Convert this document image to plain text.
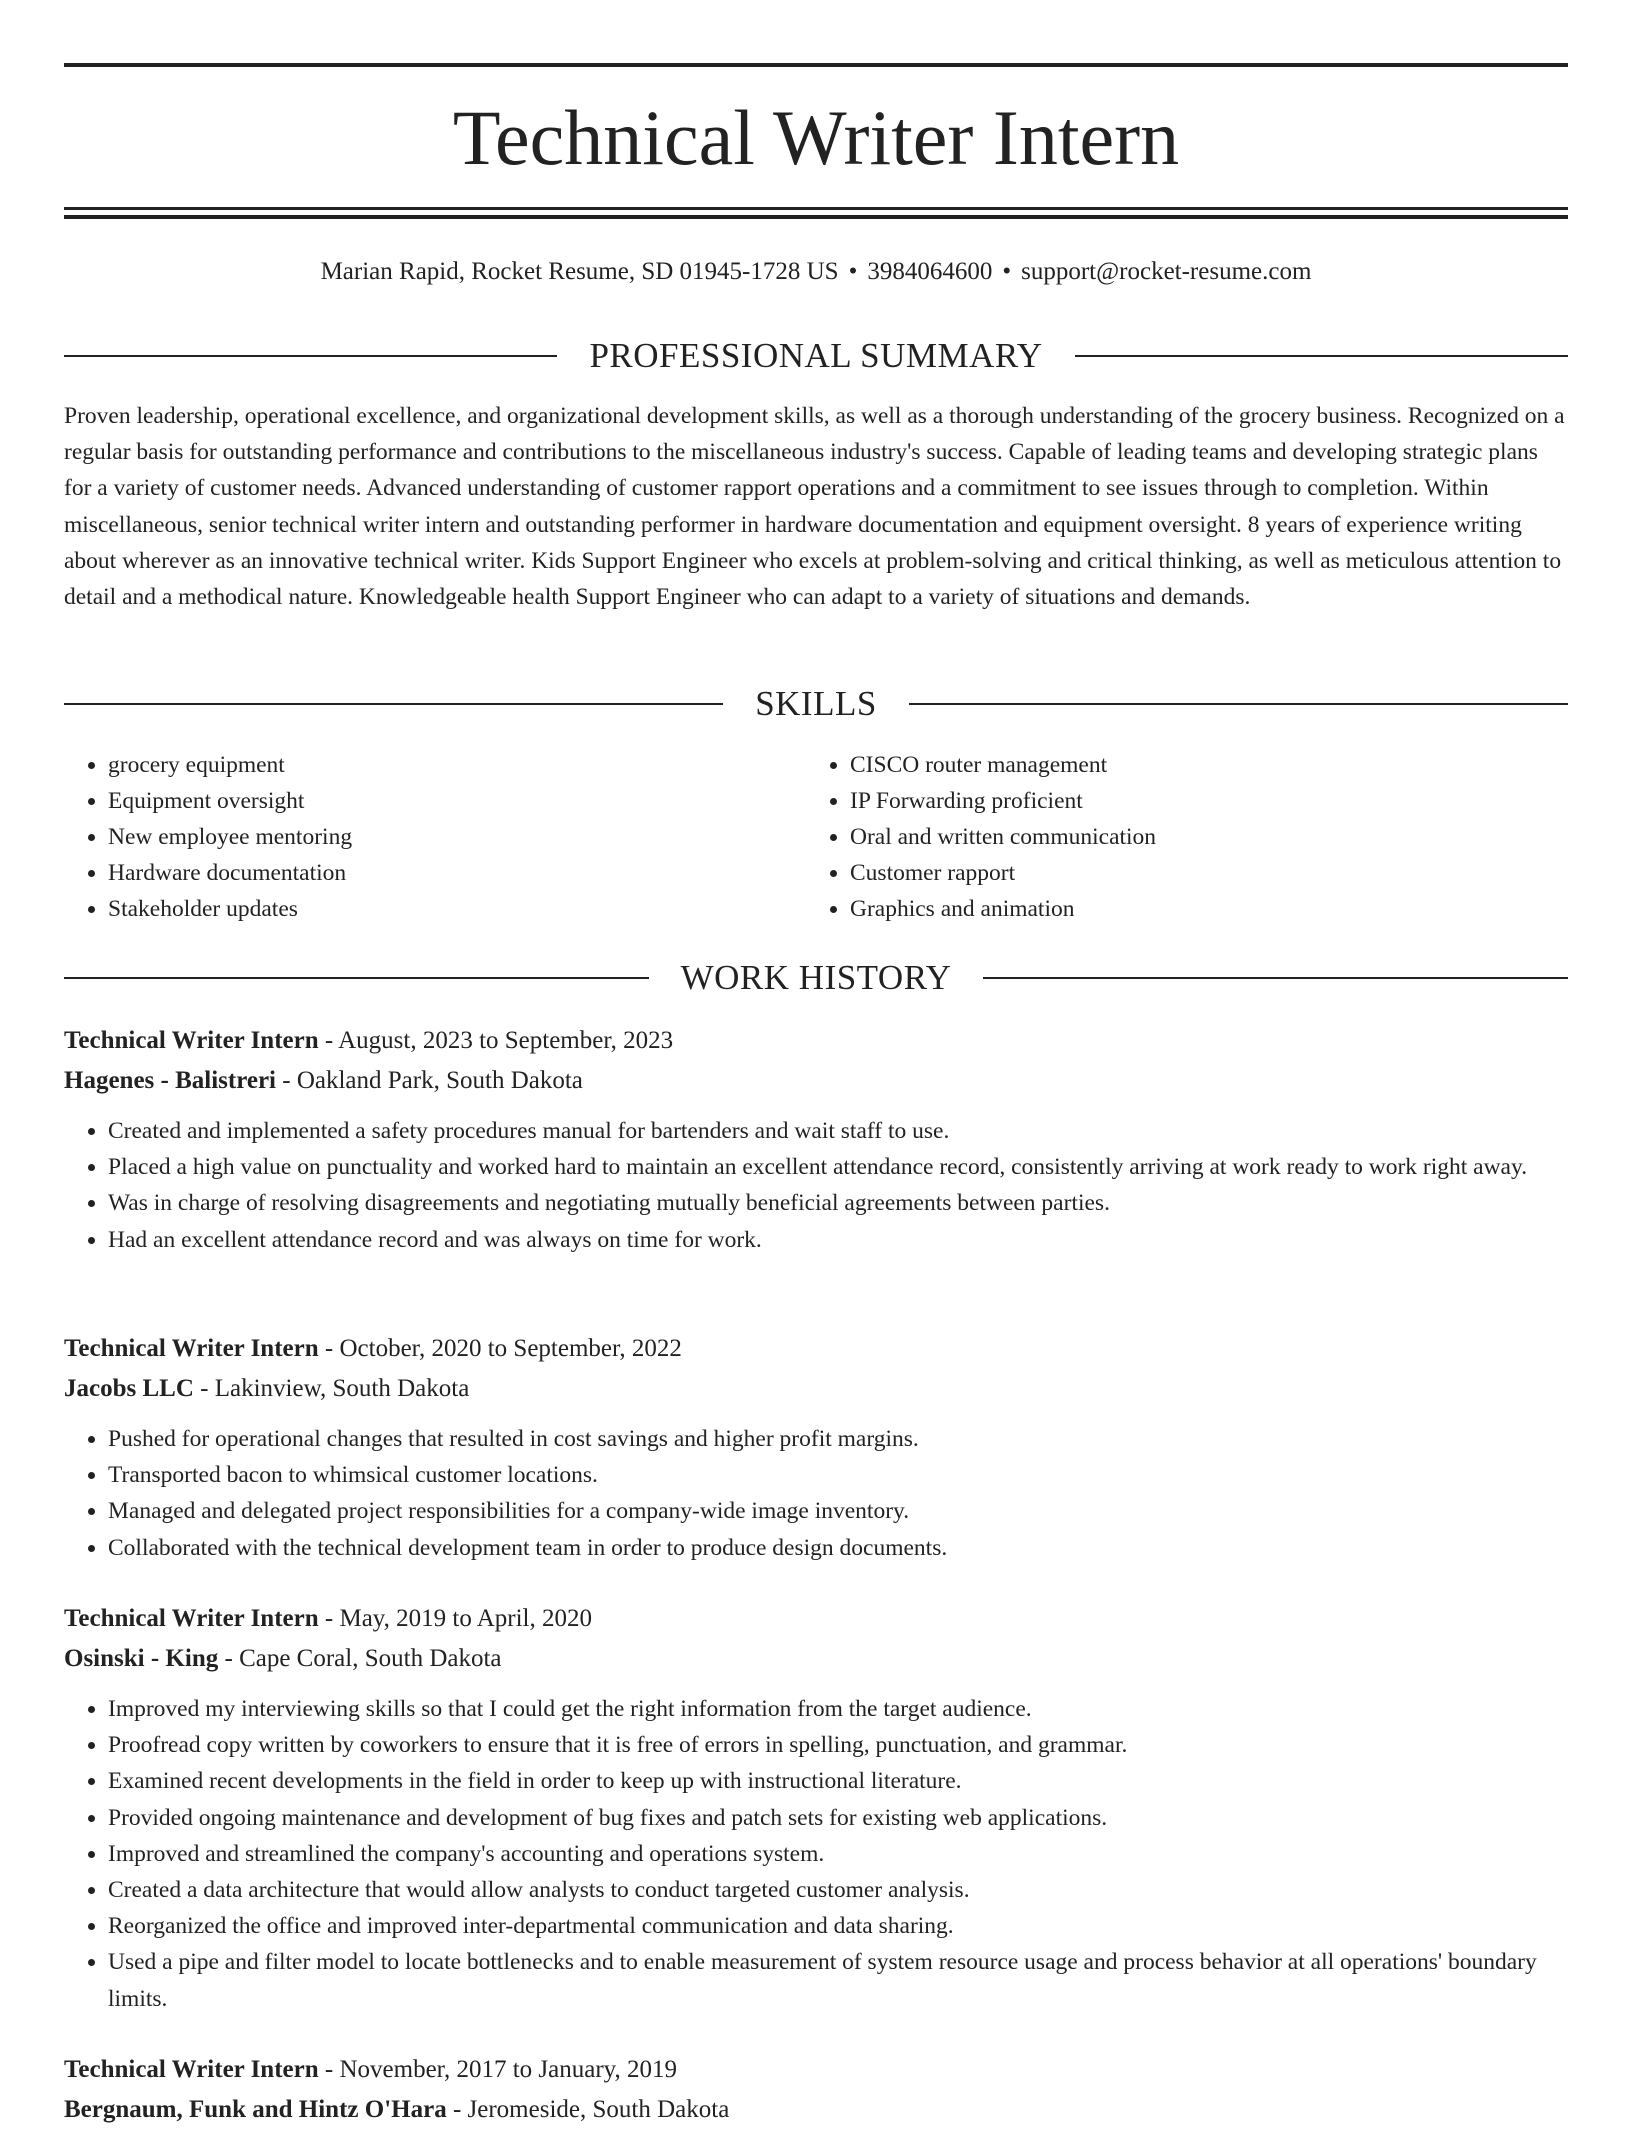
Technical Writer Intern
Marian Rapid, Rocket Resume, SD 01945-1728 US • 3984064600 • support@rocket-resume.com
PROFESSIONAL SUMMARY

Proven leadership, operational excellence, and organizational development skills, as well as a thorough understanding of the grocery business. Recognized on a regular basis for outstanding performance and contributions to the miscellaneous industry's success. Capable of leading teams and developing strategic plans for a variety of customer needs. Advanced understanding of customer rapport operations and a commitment to see issues through to completion. Within miscellaneous, senior technical writer intern and outstanding performer in hardware documentation and equipment oversight. 8 years of experience writing about wherever as an innovative technical writer. Kids Support Engineer who excels at problem-solving and critical thinking, as well as meticulous attention to detail and a methodical nature. Knowledgeable health Support Engineer who can adapt to a variety of situations and demands.

SKILLS
• grocery equipment
• Equipment oversight
• New employee mentoring
• Hardware documentation
• Stakeholder updates
• CISCO router management
• IP Forwarding proficient
• Oral and written communication
• Customer rapport
• Graphics and animation
WORK HISTORY
Technical Writer Intern - August, 2023 to September, 2023
Hagenes - Balistreri - Oakland Park, South Dakota
• Created and implemented a safety procedures manual for bartenders and wait staff to use.
• Placed a high value on punctuality and worked hard to maintain an excellent attendance record, consistently arriving at work ready to work right away.
• Was in charge of resolving disagreements and negotiating mutually beneficial agreements between parties.
• Had an excellent attendance record and was always on time for work.
Technical Writer Intern - October, 2020 to September, 2022
Jacobs LLC - Lakinview, South Dakota
• Pushed for operational changes that resulted in cost savings and higher profit margins.
• Transported bacon to whimsical customer locations.
• Managed and delegated project responsibilities for a company-wide image inventory.
• Collaborated with the technical development team in order to produce design documents.
Technical Writer Intern - May, 2019 to April, 2020
Osinski - King - Cape Coral, South Dakota
• Improved my interviewing skills so that I could get the right information from the target audience.
• Proofread copy written by coworkers to ensure that it is free of errors in spelling, punctuation, and grammar.
• Examined recent developments in the field in order to keep up with instructional literature.
• Provided ongoing maintenance and development of bug fixes and patch sets for existing web applications.
• Improved and streamlined the company's accounting and operations system.
• Created a data architecture that would allow analysts to conduct targeted customer analysis.
• Reorganized the office and improved inter-departmental communication and data sharing.
• Used a pipe and filter model to locate bottlenecks and to enable measurement of system resource usage and process behavior at all operations' boundary limits.
Technical Writer Intern - November, 2017 to January, 2019
Bergnaum, Funk and Hintz O'Hara - Jeromeside, South Dakota
